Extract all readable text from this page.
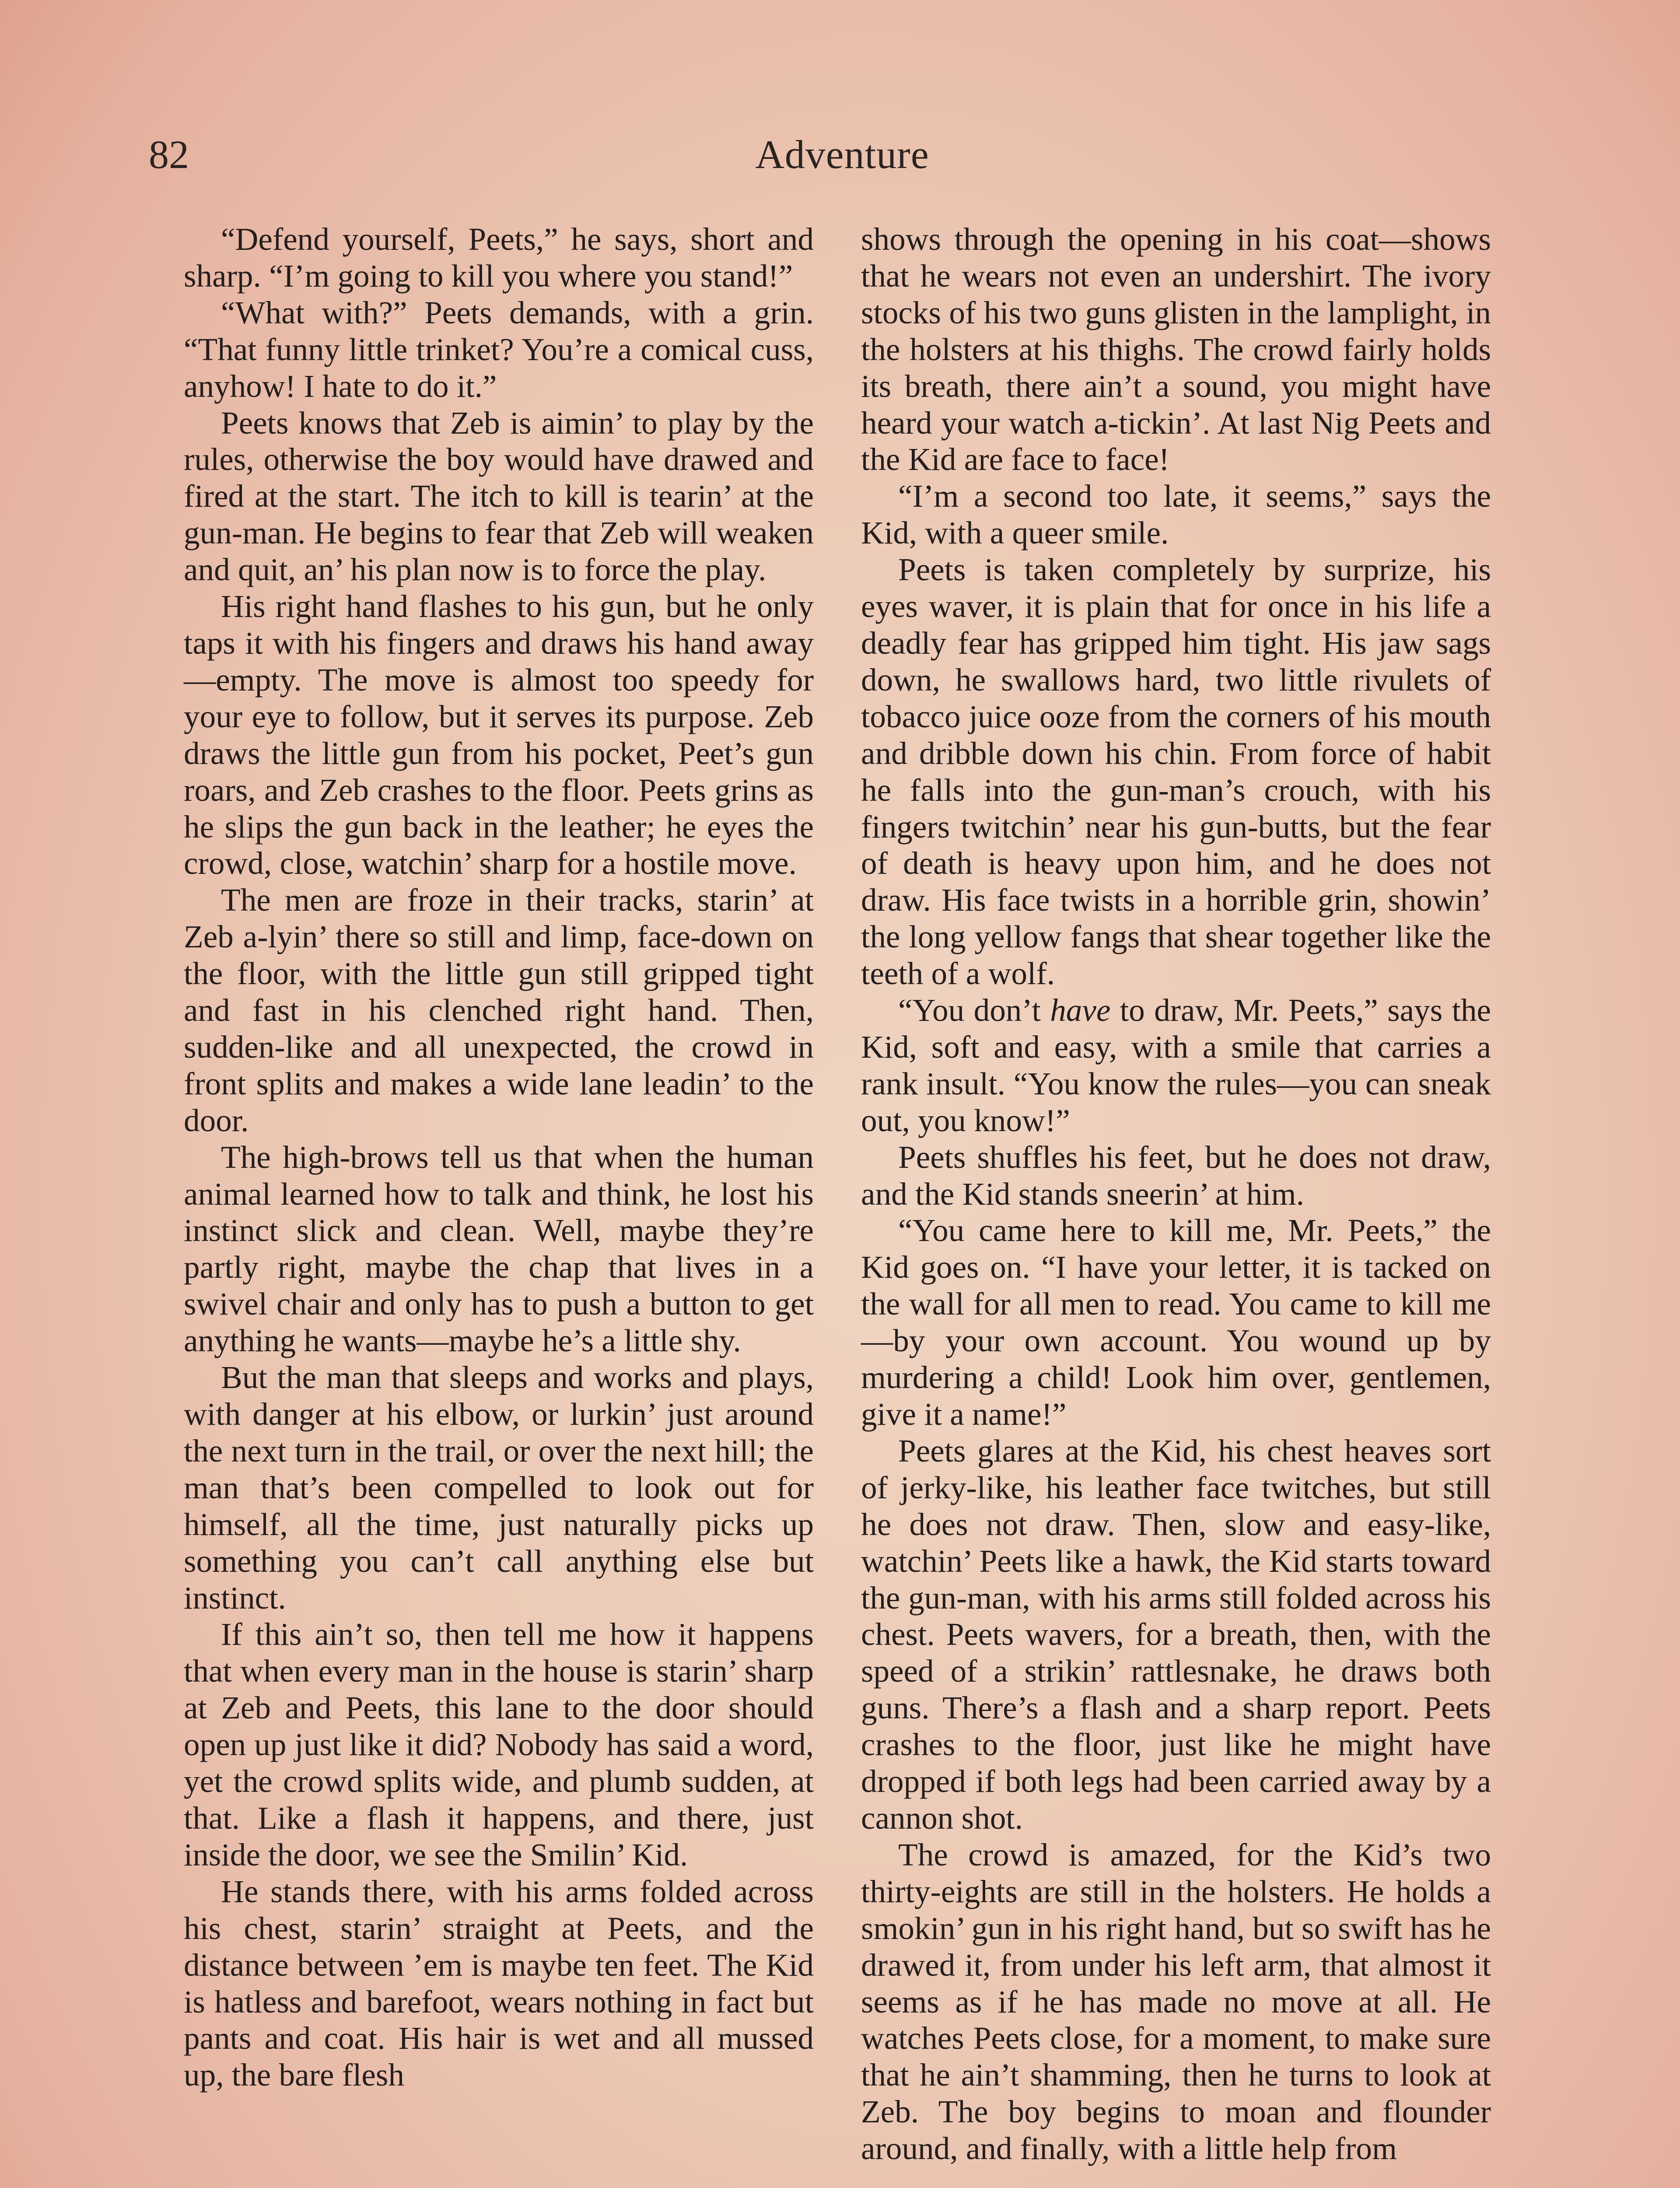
82	Adventure

“Defend yourself, Peets,” he says, short and sharp. “I’m going to kill you where you stand!”

“What with?” Peets demands, with a grin. “That funny little trinket? You’re a comical cuss, anyhow! I hate to do it.”

Peets knows that Zeb is aimin’ to play by the rules, otherwise the boy would have drawed and fired at the start. The itch to kill is tearin’ at the gun-man. He begins to fear that Zeb will weaken and quit, an’ his plan now is to force the play.

His right hand flashes to his gun, but he only taps it with his fingers and draws his hand away—empty. The move is almost too speedy for your eye to follow, but it serves its purpose. Zeb draws the little gun from his pocket, Peet’s gun roars, and Zeb crashes to the floor. Peets grins as he slips the gun back in the leather; he eyes the crowd, close, watchin’ sharp for a hostile move.

The men are froze in their tracks, starin’ at Zeb a-lyin’ there so still and limp, face-down on the floor, with the little gun still gripped tight and fast in his clenched right hand. Then, sudden-like and all unexpected, the crowd in front splits and makes a wide lane leadin’ to the door.

The high-brows tell us that when the human animal learned how to talk and think, he lost his instinct slick and clean. Well, maybe they’re partly right, maybe the chap that lives in a swivel chair and only has to push a button to get anything he wants—maybe he’s a little shy.

But the man that sleeps and works and plays, with danger at his elbow, or lurkin’ just around the next turn in the trail, or over the next hill; the man that’s been compelled to look out for himself, all the time, just naturally picks up something you can’t call anything else but instinct.

If this ain’t so, then tell me how it happens that when every man in the house is starin’ sharp at Zeb and Peets, this lane to the door should open up just like it did? Nobody has said a word, yet the crowd splits wide, and plumb sudden, at that. Like a flash it happens, and there, just inside the door, we see the Smilin’ Kid.

He stands there, with his arms folded across his chest, starin’ straight at Peets, and the distance between ’em is maybe ten feet. The Kid is hatless and barefoot, wears nothing in fact but pants and coat. His hair is wet and all mussed up, the bare flesh

shows through the opening in his coat—shows that he wears not even an undershirt. The ivory stocks of his two guns glisten in the lamplight, in the holsters at his thighs. The crowd fairly holds its breath, there ain’t a sound, you might have heard your watch a-tickin’. At last Nig Peets and the Kid are face to face!

“I’m a second too late, it seems,” says the Kid, with a queer smile.

Peets is taken completely by surprize, his eyes waver, it is plain that for once in his life a deadly fear has gripped him tight. His jaw sags down, he swallows hard, two little rivulets of tobacco juice ooze from the corners of his mouth and dribble down his chin. From force of habit he falls into the gun-man’s crouch, with his fingers twitchin’ near his gun-butts, but the fear of death is heavy upon him, and he does not draw. His face twists in a horrible grin, showin’ the long yellow fangs that shear together like the teeth of a wolf.

“You don’t have to draw, Mr. Peets,” says the Kid, soft and easy, with a smile that carries a rank insult. “You know the rules—you can sneak out, you know!”

Peets shuffles his feet, but he does not draw, and the Kid stands sneerin’ at him.

“You came here to kill me, Mr. Peets,” the Kid goes on. “I have your letter, it is tacked on the wall for all men to read. You came to kill me—by your own account. You wound up by murdering a child! Look him over, gentlemen, give it a name!”

Peets glares at the Kid, his chest heaves sort of jerky-like, his leather face twitches, but still he does not draw. Then, slow and easy-like, watchin’ Peets like a hawk, the Kid starts toward the gun-man, with his arms still folded across his chest. Peets wavers, for a breath, then, with the speed of a strikin’ rattlesnake, he draws both guns. There’s a flash and a sharp report. Peets crashes to the floor, just like he might have dropped if both legs had been carried away by a cannon shot.

The crowd is amazed, for the Kid’s two thirty-eights are still in the holsters. He holds a smokin’ gun in his right hand, but so swift has he drawed it, from under his left arm, that almost it seems as if he has made no move at all. He watches Peets close, for a moment, to make sure that he ain’t shamming, then he turns to look at Zeb. The boy begins to moan and flounder around, and finally, with a little help from
